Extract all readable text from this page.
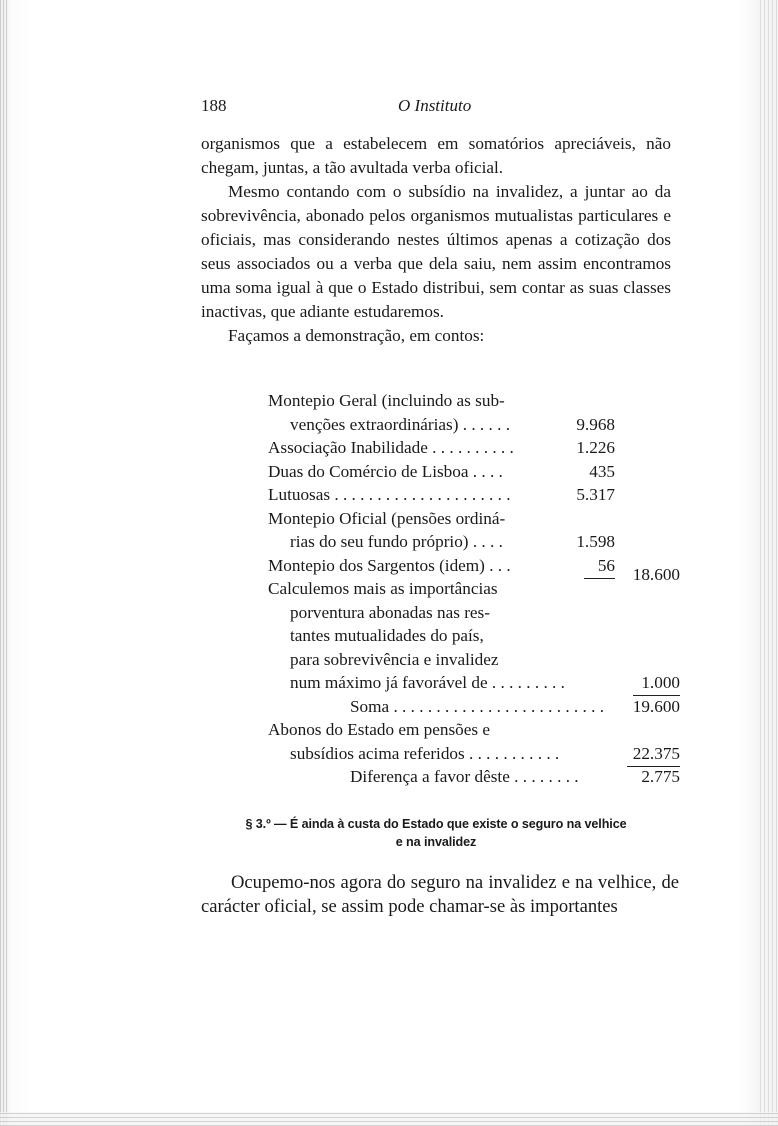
188	O Instituto

organismos que a estabelecem em somatórios apreciáveis, não chegam, juntas, a tão avultada verba oficial.

Mesmo contando com o subsídio na invalidez, a juntar ao da sobrevivência, abonado pelos organismos mutualistas particulares e oficiais, mas considerando nestes últimos apenas a cotização dos seus associados ou a verba que dela saiu, nem assim encontramos uma soma igual à que o Estado distribui, sem contar as suas classes inactivas, que adiante estudaremos.

Façamos a demonstração, em contos:

Montepio Geral (incluindo as sub-
venções extraordinárias) . . . . . .	9.968
Associação Inabilidade . . . . . . . . . .	1.226
Duas do Comércio de Lisboa . . . .	435
Lutuosas . . . . . . . . . . . . . . . . . . . . .	5.317
Montepio Oficial (pensões ordiná-
rias do seu fundo próprio) . . . .	1.598
Montepio dos Sargentos (idem) . . .	56 18.600
Calculemos mais as importâncias
porventura abonadas nas res-
tantes mutualidades do país,
para sobrevivência e invalidez
num máximo já favorável de . . . . . . . . .	1.000
Soma . . . . . . . . . . . . . . . . . . . . . . . . . 19.600
Abonos do Estado em pensões e
subsídios acima referidos . . . . . . . . . . .	22.375
Diferença a favor dêste . . . . . . . .	2.775
§ 3.º — É ainda à custa do Estado que existe o seguro na velhice
e na invalidez

Ocupemo-nos agora do seguro na invalidez e na velhice, de carácter oficial, se assim pode chamar-se às importantes
